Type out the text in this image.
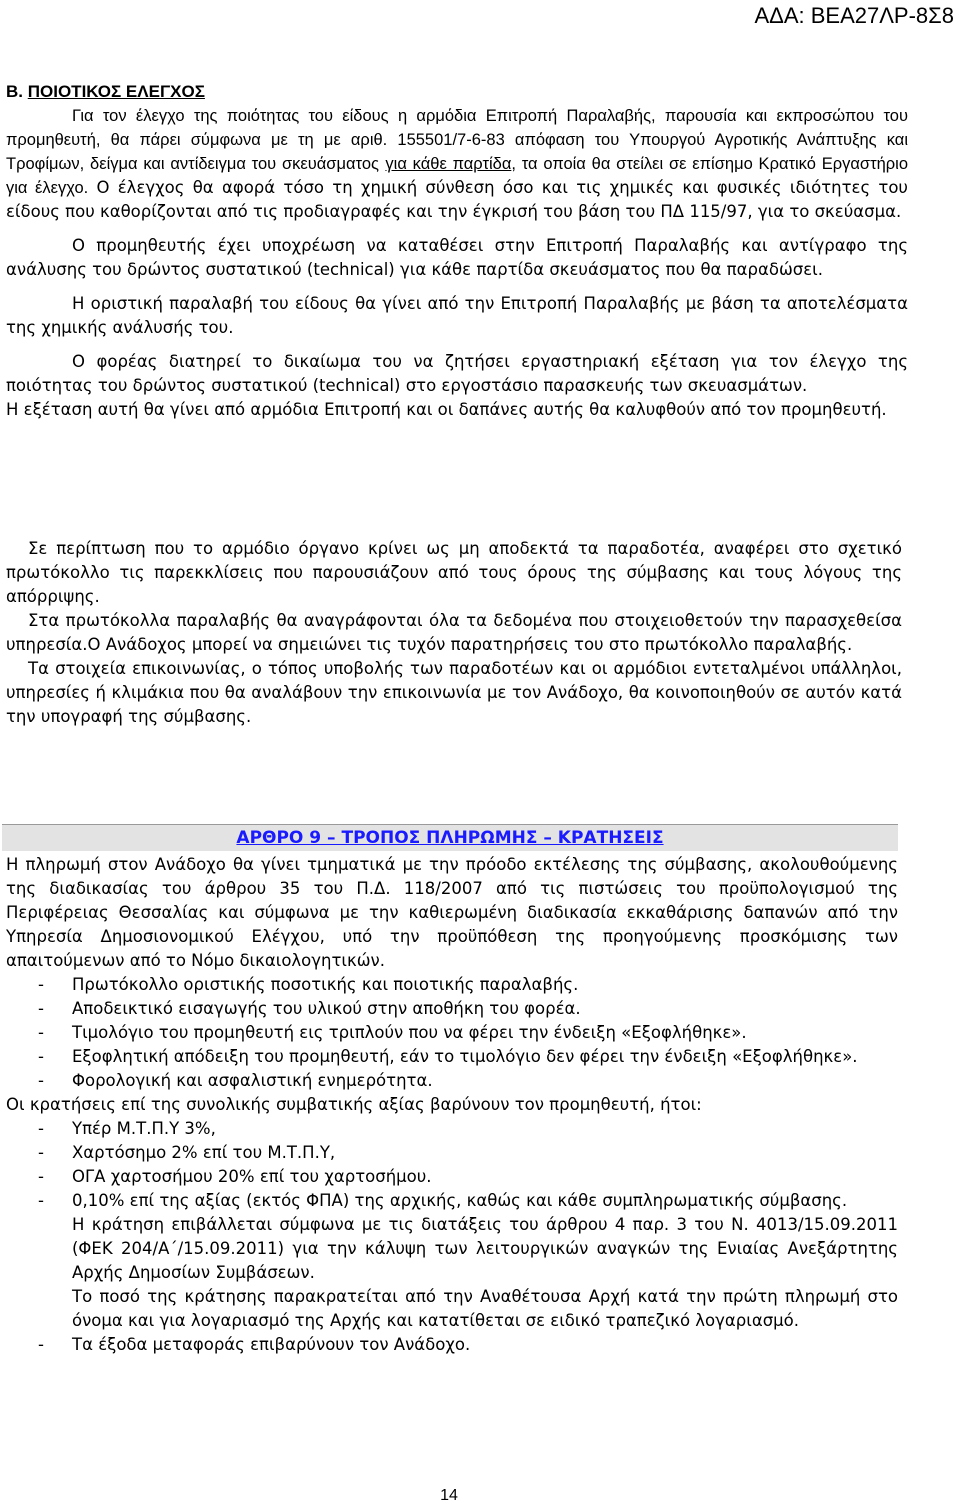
ΑΔΑ: ΒΕΑ27ΛΡ-8Σ8
Β. ΠΟΙΟΤΙΚΟΣ ΕΛΕΓΧΟΣ

Για τον έλεγχο της ποιότητας του είδους η αρμόδια Επιτροπή Παραλαβής, παρουσία και εκπροσώπου του προμηθευτή, θα πάρει σύμφωνα με τη με αριθ. 155501/7-6-83 απόφαση του Υπουργού Αγροτικής Ανάπτυξης και Τροφίμων, δείγμα και αντίδειγμα του σκευάσματος για κάθε παρτίδα, τα οποία θα στείλει σε επίσημο Κρατικό Εργαστήριο για έλεγχο. Ο έλεγχος θα αφορά τόσο τη χημική σύνθεση όσο και τις χημικές και φυσικές ιδιότητες του είδους που καθορίζονται από τις προδιαγραφές και την έγκρισή του βάση του ΠΔ 115/97, για το σκεύασμα.

Ο προμηθευτής έχει υποχρέωση να καταθέσει στην Επιτροπή Παραλαβής και αντίγραφο της ανάλυσης του δρώντος συστατικού (technical) για κάθε παρτίδα σκευάσματος που θα παραδώσει.

Η οριστική παραλαβή του είδους θα γίνει από την Επιτροπή Παραλαβής με βάση τα αποτελέσματα της χημικής ανάλυσής του.

Ο φορέας διατηρεί το δικαίωμα του να ζητήσει εργαστηριακή εξέταση για τον έλεγχο της ποιότητας του δρώντος συστατικού (technical) στο εργοστάσιο παρασκευής των σκευασμάτων.

Η εξέταση αυτή θα γίνει από αρμόδια Επιτροπή και οι δαπάνες αυτής θα καλυφθούν από τον προμηθευτή.

Σε περίπτωση που το αρμόδιο όργανο κρίνει ως μη αποδεκτά τα παραδοτέα, αναφέρει στο σχετικό πρωτόκολλο τις παρεκκλίσεις που παρουσιάζουν από τους όρους της σύμβασης και τους λόγους της απόρριψης.

Στα πρωτόκολλα παραλαβής θα αναγράφονται όλα τα δεδομένα που στοιχειοθετούν την παρασχεθείσα υπηρεσία.Ο Ανάδοχος μπορεί να σημειώνει τις τυχόν παρατηρήσεις του στο πρωτόκολλο παραλαβής.

Τα στοιχεία επικοινωνίας, ο τόπος υποβολής των παραδοτέων και οι αρμόδιοι εντεταλμένοι υπάλληλοι, υπηρεσίες ή κλιμάκια που θα αναλάβουν την επικοινωνία με τον Ανάδοχο, θα κοινοποιηθούν σε αυτόν κατά την υπογραφή της σύμβασης.

ΑΡΘΡΟ 9 – ΤΡΟΠΟΣ ΠΛΗΡΩΜΗΣ – ΚΡΑΤΗΣΕΙΣ

Η πληρωμή στον Ανάδοχο θα γίνει τμηματικά με την πρόοδο εκτέλεσης της σύμβασης, ακολουθούμενης της διαδικασίας του άρθρου 35 του Π.Δ. 118/2007 από τις πιστώσεις του προϋπολογισμού της Περιφέρειας Θεσσαλίας και σύμφωνα με την καθιερωμένη διαδικασία εκκαθάρισης δαπανών από την Υπηρεσία Δημοσιονομικού Ελέγχου, υπό την προϋπόθεση της προηγούμενης προσκόμισης των απαιτούμενων από το Νόμο δικαιολογητικών.

- Πρωτόκολλο οριστικής ποσοτικής και ποιοτικής παραλαβής.
- Αποδεικτικό εισαγωγής του υλικού στην αποθήκη του φορέα.
- Τιμολόγιο του προμηθευτή εις τριπλούν που να φέρει την ένδειξη «Εξοφλήθηκε».
- Εξοφλητική απόδειξη του προμηθευτή, εάν το τιμολόγιο δεν φέρει την ένδειξη «Εξοφλήθηκε».
- Φορολογική και ασφαλιστική ενημερότητα.

Οι κρατήσεις επί της συνολικής συμβατικής αξίας βαρύνουν τον προμηθευτή, ήτοι:

- Υπέρ Μ.Τ.Π.Υ 3%,
- Χαρτόσημο 2% επί του Μ.Τ.Π.Υ,
- ΟΓΑ χαρτοσήμου 20% επί του χαρτοσήμου.
- 0,10% επί της αξίας (εκτός ΦΠΑ) της αρχικής, καθώς και κάθε συμπληρωματικής σύμβασης.

Η κράτηση επιβάλλεται σύμφωνα με τις διατάξεις του άρθρου 4 παρ. 3 του Ν. 4013/15.09.2011 (ΦΕΚ 204/Α΄/15.09.2011) για την κάλυψη των λειτουργικών αναγκών της Ενιαίας Ανεξάρτητης Αρχής Δημοσίων Συμβάσεων.

Το ποσό της κράτησης παρακρατείται από την Αναθέτουσα Αρχή κατά την πρώτη πληρωμή στο όνομα και για λογαριασμό της Αρχής και κατατίθεται σε ειδικό τραπεζικό λογαριασμό.

- Τα έξοδα μεταφοράς επιβαρύνουν τον Ανάδοχο.
14
